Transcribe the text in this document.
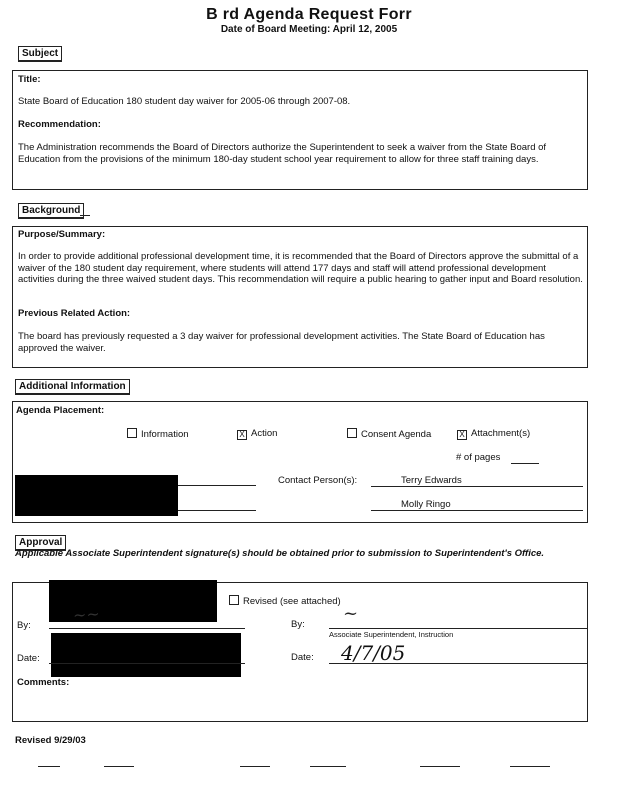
B rd Agenda Request Forr
Date of Board Meeting: April 12, 2005
Subject
Title:
State Board of Education 180 student day waiver for 2005-06 through 2007-08.
Recommendation:
The Administration recommends the Board of Directors authorize the Superintendent to seek a waiver from the State Board of Education from the provisions of the minimum 180-day student school year requirement to allow for three staff training days.
Background
Purpose/Summary:
In order to provide additional professional development time, it is recommended that the Board of Directors approve the submittal of a waiver of the 180 student day requirement, where students will attend 177 days and staff will attend professional development activities during the three waived student days. This recommendation will require a public hearing to gather input and Board resolution.
Previous Related Action:
The board has previously requested a 3 day waiver for professional development activities. The State Board of Education has approved the waiver.
Additional Information
Agenda Placement:
Information	X Action	Consent Agenda	X Attachment(s)
# of pages
Contact Person(s):	Terry Edwards
Molly Ringo
Approval
Applicable Associate Superintendent signature(s) should be obtained prior to submission to Superintendent's Office.
Revised (see attached)
By:
~~	By:
~
Associate Superintendent, Instruction
Date:	Date: 4/7/05
Comments:
Revised 9/29/03
